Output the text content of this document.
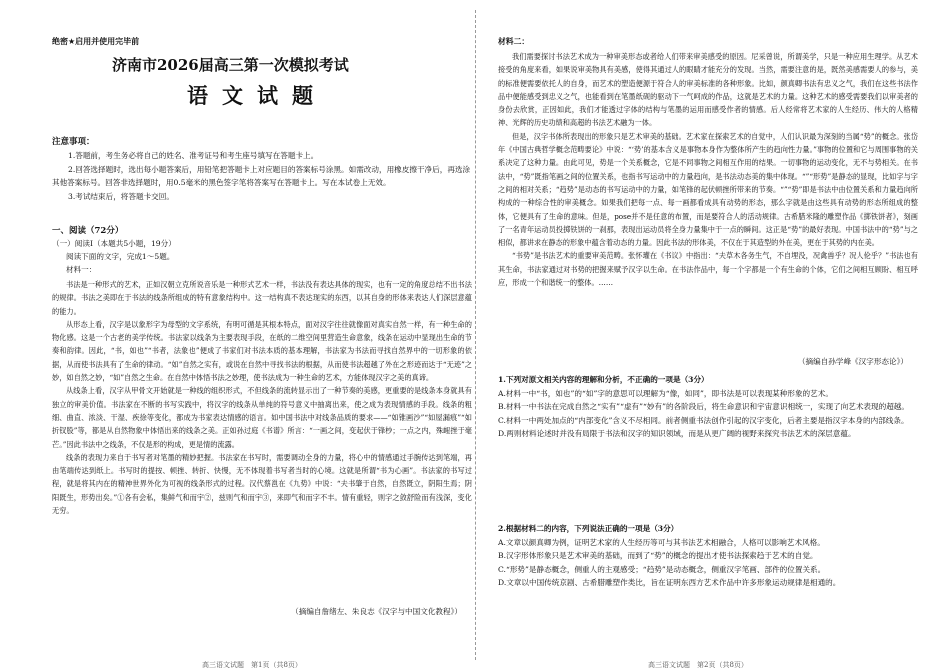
绝密★启用并使用完毕前
济南市2026届高三第一次模拟考试
语文试题
注意事项：

1.答题前，考生务必将自己的姓名、准考证号和考生座号填写在答题卡上。

2.回答选择题时，选出每小题答案后，用铅笔把答题卡上对应题目的答案标号涂黑。如需改动，用橡皮擦干净后，再选涂其他答案标号。回答非选择题时，用0.5毫米的黑色签字笔将答案写在答题卡上。写在本试卷上无效。

3.考试结束后，将答题卡交回。

一、阅读（72分）
（一）阅读Ⅰ（本题共5小题，19分）
阅读下面的文字，完成1～5题。
材料一：

书法是一种形式的艺术，正如汉朝立克所说音乐是一种形式艺术一样，书法没有表达具体的现实，也有一定的角度总结不出书法的规律。书法之美即在于书法的线条所组成的特有意象结构中。这一结构真不表达现实的东西，以其自身的形体来表达人们深层意蕴的能力。

从形态上看，汉字是以象形字为母型的文字系统，有明可循是其根本特点，面对汉字往往就像面对真实自然一样，有一种生命的物化感。这是一个古老的美学传统。书法家以线条为主要表现手段，在纸的二维空间里营造生命意象，线条在运动中显现出生命的节奏和韵律。因此，“书，如也”“书者，法象也”便成了书家们对书法本质的基本理解，书法家为书法而寻找自然界中的一切形象的依据，从而使书法具有了生命的律动。“如”自然之实有，或说在自然中寻找书法的根据，从而使书法超越了外在之形迹而达于“无迹”之妙，如自然之妙，“如”自然之生命。在自然中体悟书法之妙理，使书法成为一种生命的艺术，方能体现汉字之美的真谛。

从线条上看，汉字从甲骨文开始就是一种线的组织形式，不但线条的流转显示出了一种节奏的美感，更重要的是线条本身就具有独立的审美价值。书法家在不断的书写实践中，将汉字的线条从单纯的符号意义中抽离出来，使之成为表现情感的手段。线条的粗细、曲直、浓淡、干湿、疾徐等变化，都成为书家表达情感的语言。如中国书法中对线条品质的要求——“如锥画沙”“如屋漏痕”“如折钗股”等，都是从自然物象中体悟出来的线条之美。正如孙过庭《书谱》所言：“一画之间，变起伏于锋杪；一点之内，殊衄挫于毫芒。”因此书法中之线条，不仅是形的构成，更是情的流露。

线条的表现力来自于书写者对笔墨的精妙把握。书法家在书写时，需要调动全身的力量，将心中的情感通过手腕传达到笔端，再由笔端传达到纸上。书写时的提按、顿挫、转折、快慢，无不体现着书写者当时的心境。这就是所谓“书为心画”。书法家的书写过程，就是将其内在的精神世界外化为可视的线条形式的过程。汉代蔡邕在《九势》中说：“夫书肇于自然，自然既立，阴阳生焉；阴阳既生，形势出矣。”①各有会私，集鲜气和而宇②，兹则气和而宇③，来即气和而字不丰。情有重轻，则字之敛舒险而有浅深，变化无穷。

（摘编自詹绪左、朱良志《汉字与中国文化教程》）
高三语文试题　第1页（共8页）
材料二：

我们需要探讨书法艺术成为一种审美形态或者给人们带来审美感受的原因。尼采曾说，所谓美学，只是一种应用生理学。从艺术接受的角度来看，如果说审美物具有美感，使得其通过人的眼睛才能充分的发现。当然，需要注意的是，既然美感需要人的参与，美的标准便需要依托人的自身，而艺术的塑造便源于符合人的审美标准的各种形象。比如，颜真卿书法有忠义之气，我们在这些书法作品中便能感受到忠义之气，也能看到在笔墨纸砚的驱动下一气呵成的作品，这就是艺术的力量。这种艺术的感受需要我们以审美者的身份去欣赏，正因如此，我们才能透过字体的结构与笔墨的运用而感受作者的情感。后人经常将艺术家的人生经历、伟大的人格精神、光辉的历史功绩和高超的书法艺术融为一体。

但是，汉字书体所表现出的形象只是艺术审美的基础。艺术家在探索艺术的自觉中，人们认识最为深刻的当属“势”的概念。张岱年《中国古典哲学概念范畴要论》中说：“‘势’的基本含义是事物本身作为整体所产生的趋向性力量。”事物的位置和它与周围事物的关系决定了这种力量。由此可见，势是一个关系概念，它是不同事物之间相互作用的结果。一切事物的运动变化，无不与势相关。在书法中，“势”既指笔画之间的位置关系，也指书写运动中的力量趋向，是书法动态美的集中体现。“”“形势”是静态的显现，比如字与字之间的相对关系；“趋势”是动态的书写运动中的力量，如笔锋的起伏顿挫所带来的节奏。“”“势”即是书法中由位置关系和力量趋向所构成的一种综合性的审美概念。如果我们把每一点、每一画都看成具有动势的形态，那么字就是由这些具有动势的形态所组成的整体，它便具有了生命的意味。但是，pose并不是任意的布置，而是要符合人的活动规律。古希腊米隆的雕塑作品《掷铁饼者》，刻画了一名青年运动员投掷铁饼的一刹那，表现出运动员将全身力量集中于一点的瞬间。这正是“势”的最好表现。中国书法中的“势”与之相似，都讲求在静态的形象中蕴含着动态的力量。因此书法的形体美，不仅在于其造型的外在美，更在于其势的内在美。

“书势”是书法艺术的重要审美范畴。张怀瓘在《书议》中指出：“夫草木各务生气，不自埋没，况禽兽乎？况人伦乎？”书法也有其生命，书法家通过对书势的把握来赋予汉字以生命。在书法作品中，每一个字都是一个有生命的个体，它们之间相互顾盼、相互呼应，形成一个和谐统一的整体。……

（摘编自孙学峰《汉字形态论》）

1.下列对原文相关内容的理解和分析，不正确的一项是（3分）

A.材料一中“书，如也”的“如”字的意思可以理解为“像，如同”，即书法是可以表现某种形象的艺术。

B.材料一中书法在完成自然之“实有”“虚有”“妙有”的各阶段后，将生命意识和宇宙意识相统一，实现了向艺术表现的超越。

C.材料一中两处加点的“内部变化”含义不尽相同。前者侧重书法创作引起的汉字变化，后者主要是指汉字本身的内部线条。

D.两则材料论述时并没有局限于书法和汉字的知识领域，而是从更广阔的视野来探究书法艺术的深层意蕴。

2.根据材料二的内容，下列说法正确的一项是（3分）

A.文章以颜真卿为例，证明艺术家的人生经历等可与其书法艺术相融合，人格可以影响艺术风格。

B.汉字形体形象只是艺术审美的基础，而到了“势”的概念的提出才使书法探索趋于艺术的自觉。

C.“形势”是静态概念，侧重人的主观感受；“趋势”是动态概念，侧重汉字笔画、部件的位置关系。

D.文章以中国传统京剧、古希腊雕塑作类比，旨在证明东西方艺术作品中许多形象运动规律是相通的。

高三语文试题　第2页（共8页）
